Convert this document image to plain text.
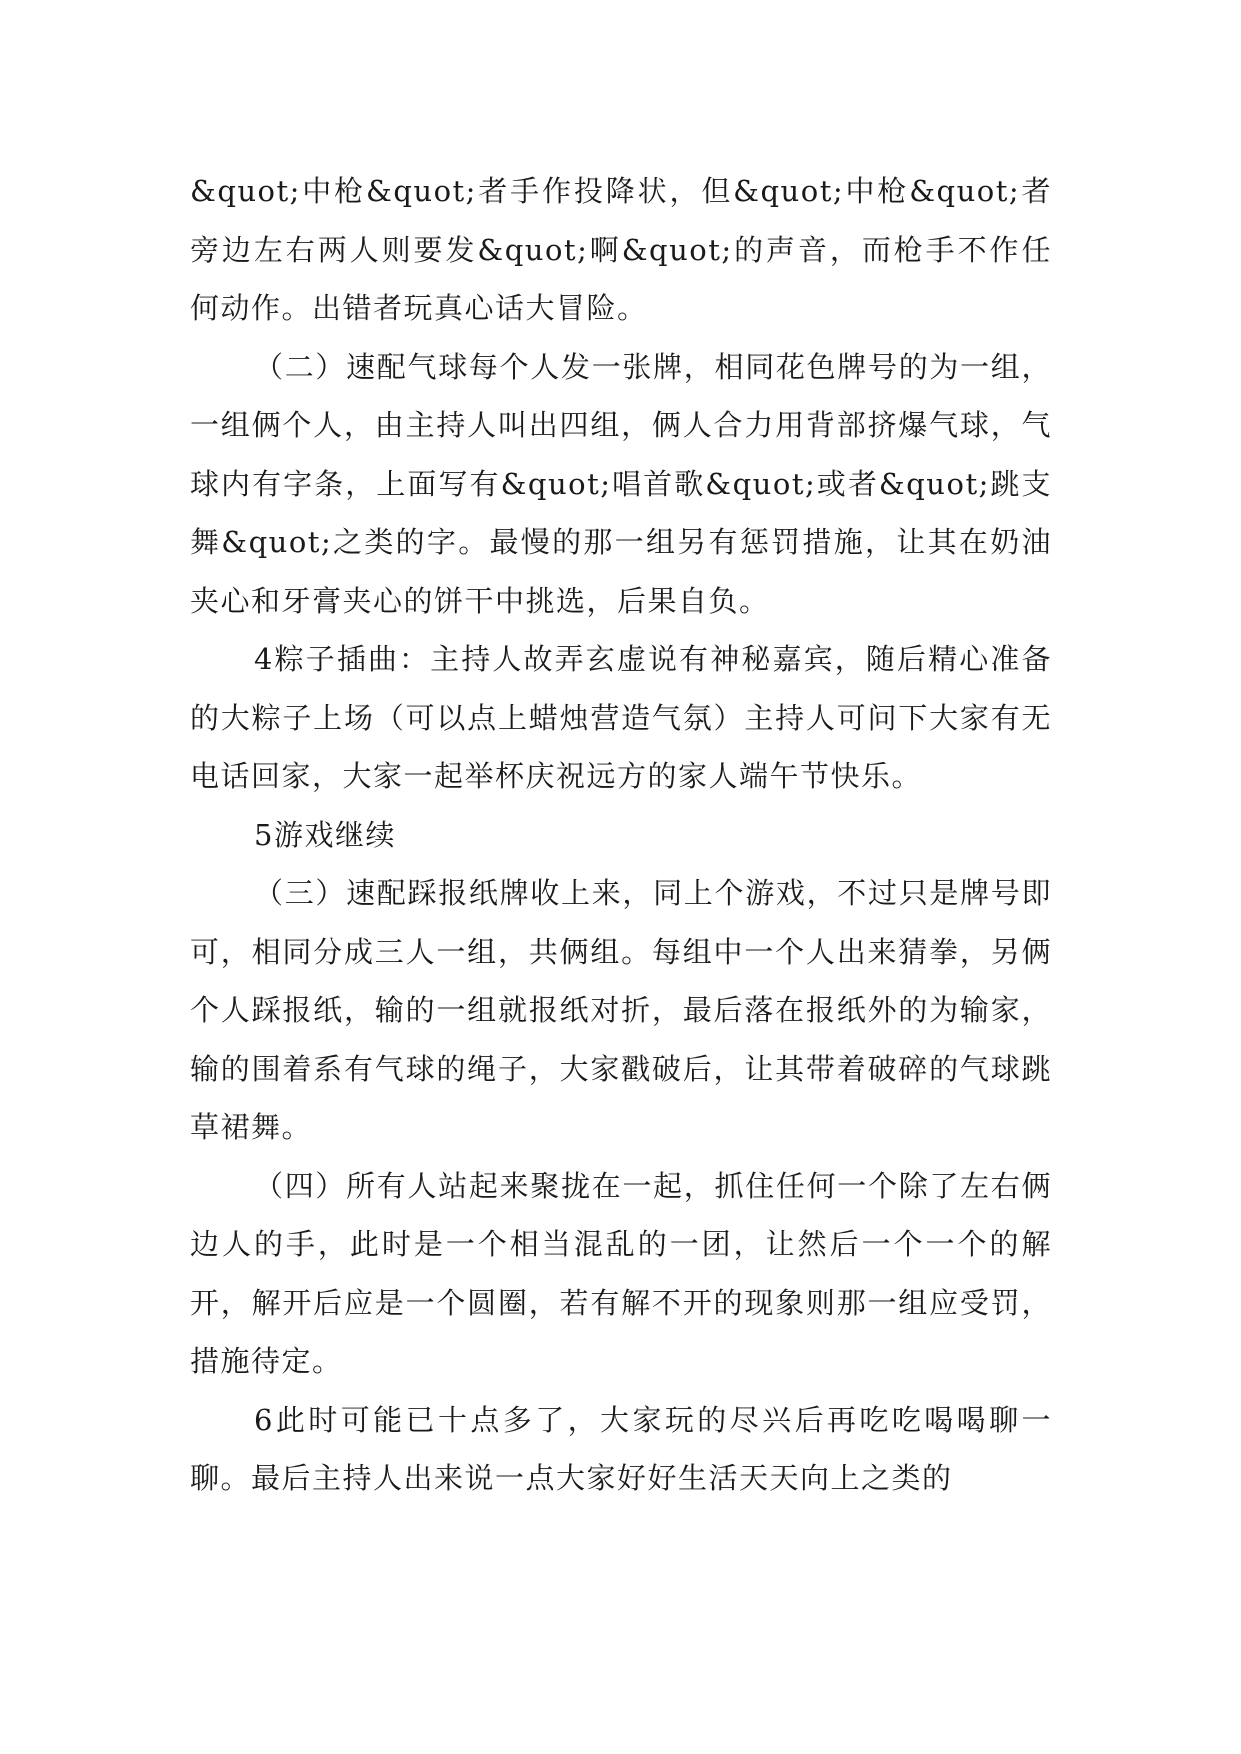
&quot;中枪&quot;者手作投降状，但&quot;中枪&quot;者旁边左右两人则要发&quot;啊&quot;的声音，而枪手不作任何动作。出错者玩真心话大冒险。

（二）速配气球每个人发一张牌，相同花色牌号的为一组，一组俩个人，由主持人叫出四组，俩人合力用背部挤爆气球，气球内有字条，上面写有&quot;唱首歌&quot;或者&quot;跳支舞&quot;之类的字。最慢的那一组另有惩罚措施，让其在奶油夹心和牙膏夹心的饼干中挑选，后果自负。

4粽子插曲：主持人故弄玄虚说有神秘嘉宾，随后精心准备的大粽子上场（可以点上蜡烛营造气氛）主持人可问下大家有无电话回家，大家一起举杯庆祝远方的家人端午节快乐。

5游戏继续

（三）速配踩报纸牌收上来，同上个游戏，不过只是牌号即可，相同分成三人一组，共俩组。每组中一个人出来猜拳，另俩个人踩报纸，输的一组就报纸对折，最后落在报纸外的为输家，输的围着系有气球的绳子，大家戳破后，让其带着破碎的气球跳草裙舞。

（四）所有人站起来聚拢在一起，抓住任何一个除了左右俩边人的手，此时是一个相当混乱的一团，让然后一个一个的解开，解开后应是一个圆圈，若有解不开的现象则那一组应受罚，措施待定。

6此时可能已十点多了，大家玩的尽兴后再吃吃喝喝聊一聊。最后主持人出来说一点大家好好生活天天向上之类的
